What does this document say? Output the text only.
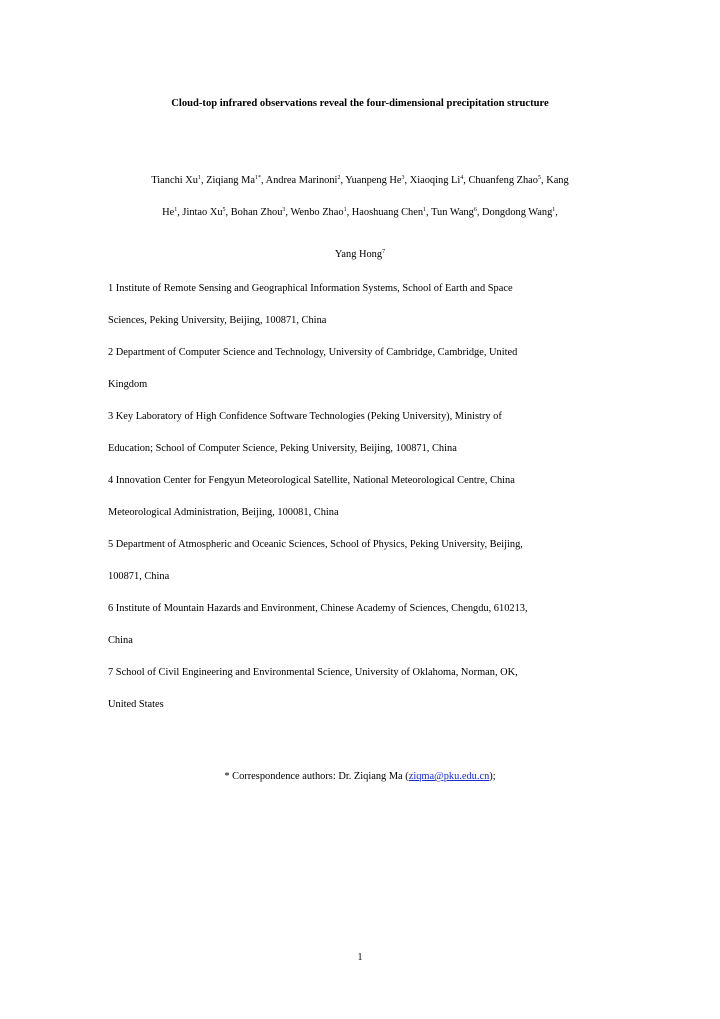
Cloud-top infrared observations reveal the four-dimensional precipitation structure
Tianchi Xu$^1$, Ziqiang $Ma^{1*}$, Andrea Marinoni$^2$, Yuanpeng He$^3$, Xiaoqing Li$^4$, Chuanfeng Zhao$^5$, Kang
He$^1$, Jintao Xu$^5$, Bohan Zhou$^3$, Wenbo Zhao$^1$, Haoshuang Chen$^1$, Tun Wang$^6$, Dongdong Wang$^1$,
Yang Hong$^7$
1 Institute of Remote Sensing and Geographical Information Systems, School of Earth and Space
Sciences, Peking University, Beijing, 100871, China
2 Department of Computer Science and Technology, University of Cambridge, Cambridge, United
Kingdom
3 Key Laboratory of High Confidence Software Technologies (Peking University), Ministry of
Education; School of Computer Science, Peking University, Beijing, 100871, China
4 Innovation Center for Fengyun Meteorological Satellite, National Meteorological Centre, China
Meteorological Administration, Beijing, 100081, China
5 Department of Atmospheric and Oceanic Sciences, School of Physics, Peking University, Beijing,
100871, China
6 Institute of Mountain Hazards and Environment, Chinese Academy of Sciences, Chengdu, 610213,
China
7 School of Civil Engineering and Environmental Science, University of Oklahoma, Norman, OK,
United States
* Correspondence authors: Dr. Ziqiang Ma (ziqma@pku.edu.cn);
1
